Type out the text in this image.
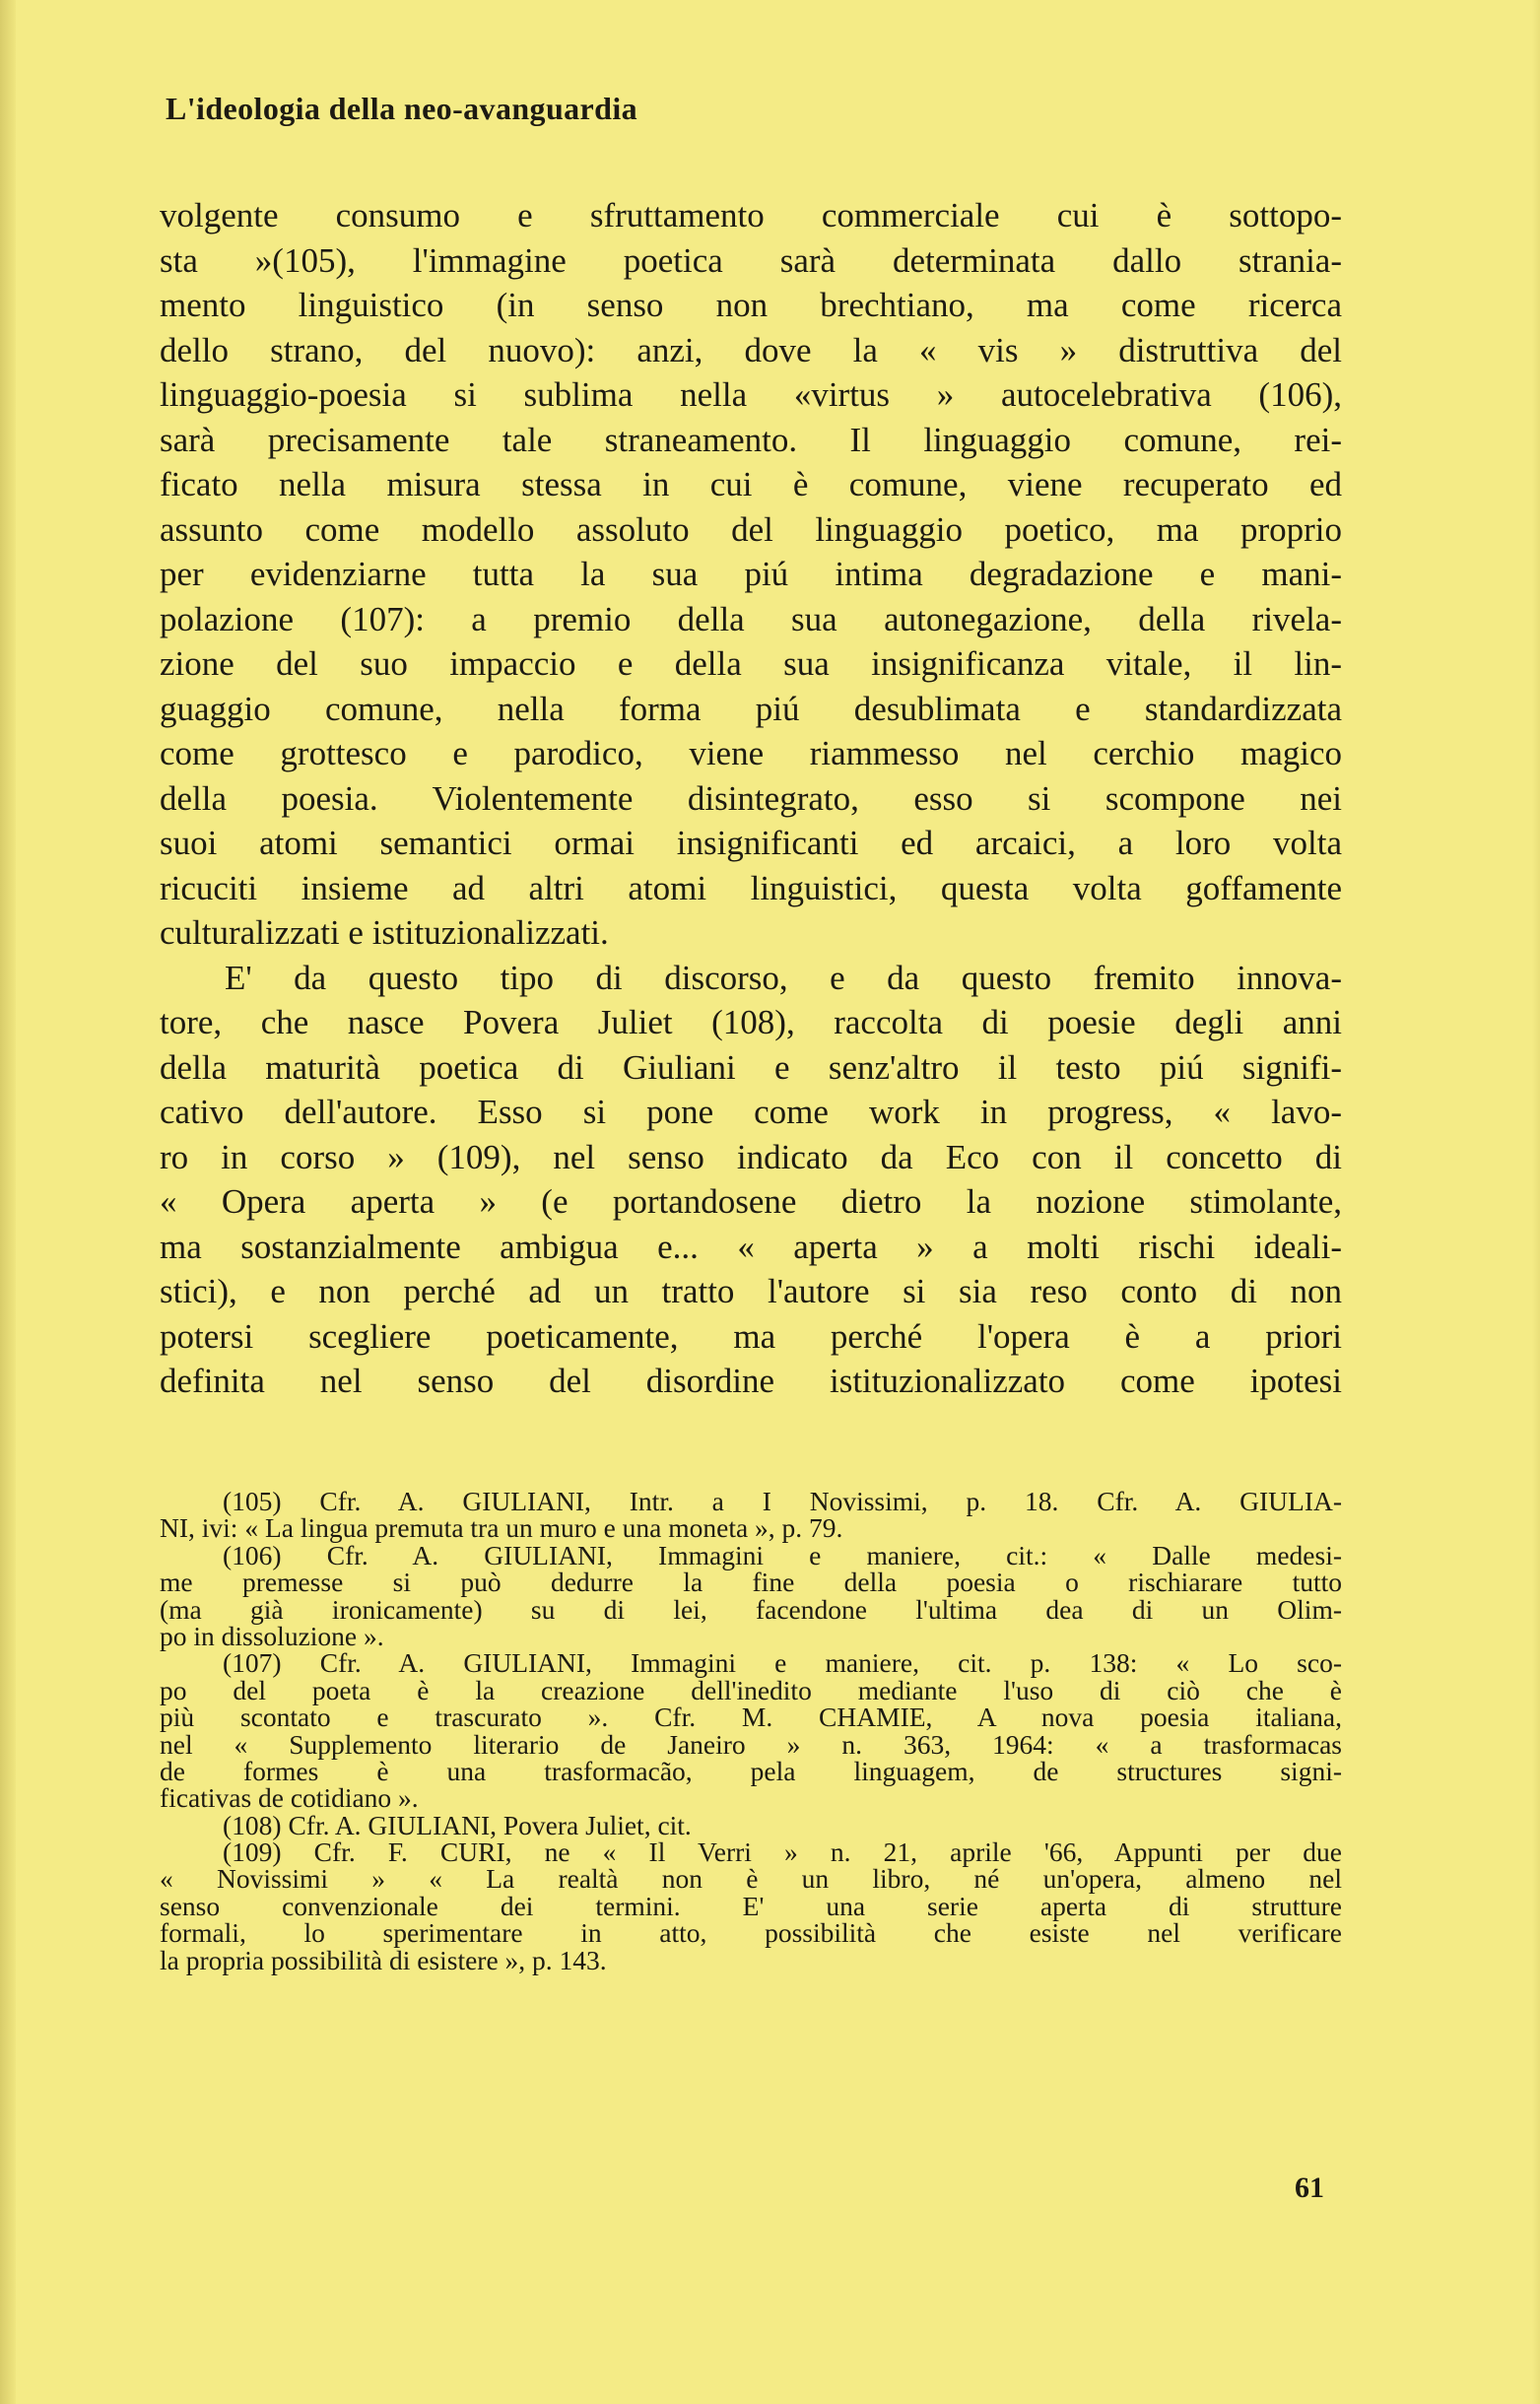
L'ideologia della neo-avanguardia
volgente consumo e sfruttamento commerciale cui è sottopo-
sta »(105), l'immagine poetica sarà determinata dallo strania-
mento linguistico (in senso non brechtiano, ma come ricerca
dello strano, del nuovo): anzi, dove la « vis » distruttiva del
linguaggio-poesia si sublima nella «virtus » autocelebrativa (106),
sarà precisamente tale straneamento. Il linguaggio comune, rei-
ficato nella misura stessa in cui è comune, viene recuperato ed
assunto come modello assoluto del linguaggio poetico, ma proprio
per evidenziarne tutta la sua piú intima degradazione e mani-
polazione (107): a premio della sua autonegazione, della rivela-
zione del suo impaccio e della sua insignificanza vitale, il lin-
guaggio comune, nella forma piú desublimata e standardizzata
come grottesco e parodico, viene riammesso nel cerchio magico
della poesia. Violentemente disintegrato, esso si scompone nei
suoi atomi semantici ormai insignificanti ed arcaici, a loro volta
ricuciti insieme ad altri atomi linguistici, questa volta goffamente
culturalizzati e istituzionalizzati.
E' da questo tipo di discorso, e da questo fremito innova-
tore, che nasce Povera Juliet (108), raccolta di poesie degli anni
della maturità poetica di Giuliani e senz'altro il testo piú signifi-
cativo dell'autore. Esso si pone come work in progress, « lavo-
ro in corso » (109), nel senso indicato da Eco con il concetto di
« Opera aperta » (e portandosene dietro la nozione stimolante,
ma sostanzialmente ambigua e... « aperta » a molti rischi ideali-
stici), e non perché ad un tratto l'autore si sia reso conto di non
potersi scegliere poeticamente, ma perché l'opera è a priori
definita nel senso del disordine istituzionalizzato come ipotesi
(105) Cfr. A. GIULIANI, Intr. a I Novissimi, p. 18. Cfr. A. GIULIA-
NI, ivi: « La lingua premuta tra un muro e una moneta », p. 79.
(106) Cfr. A. GIULIANI, Immagini e maniere, cit.: « Dalle medesi-
me premesse si può dedurre la fine della poesia o rischiarare tutto
(ma già ironicamente) su di lei, facendone l'ultima dea di un Olim-
po in dissoluzione ».
(107) Cfr. A. GIULIANI, Immagini e maniere, cit. p. 138: « Lo sco-
po del poeta è la creazione dell'inedito mediante l'uso di ciò che è
più scontato e trascurato ». Cfr. M. CHAMIE, A nova poesia italiana,
nel « Supplemento literario de Janeiro » n. 363, 1964: « a trasformacas
de formes è una trasformacão, pela linguagem, de structures signi-
ficativas de cotidiano ».
(108) Cfr. A. GIULIANI, Povera Juliet, cit.
(109) Cfr. F. CURI, ne « Il Verri » n. 21, aprile '66, Appunti per due
« Novissimi » « La realtà non è un libro, né un'opera, almeno nel
senso convenzionale dei termini. E' una serie aperta di strutture
formali, lo sperimentare in atto, possibilità che esiste nel verificare
la propria possibilità di esistere », p. 143.

61
